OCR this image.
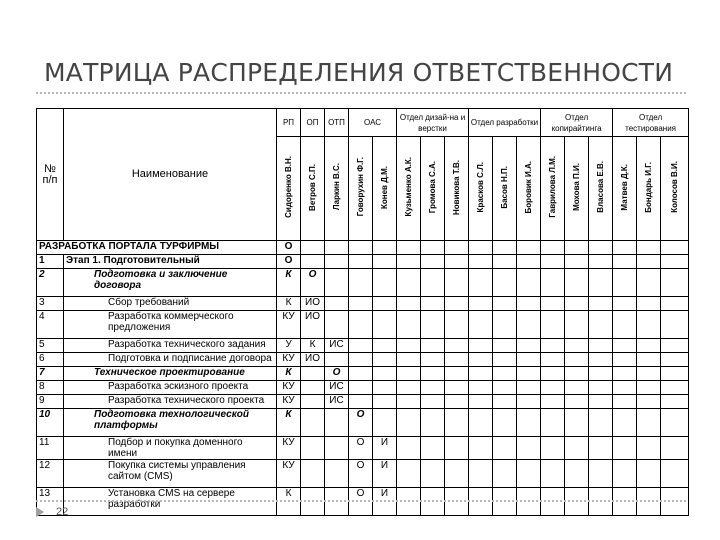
МАТРИЦА РАСПРЕДЕЛЕНИЯ ОТВЕТСТВЕННОСТИ
№ п/п	Наименование	РП	ОП	ОТП	ОАС		Отдел дизай-на и верстки			Отдел разработки			Отдел копирайтинга			Отдел тестирования		
		Сидоренко В.Н.	Ветров С.П.	Ларкин В.С.	Говорухин Ф.Г.	Конев Д.М.	Кузьменко А.К.	Громова С.А.	Новикова Т.В.	Красков С.Л.	Басов Н.П.	Боровик И.А.	Гаврилова Л.М.	Мохова П.И.	Власова Е.В.	Матвев Д.К.	Бондарь И.Г.	Колосов В.И.
РАЗРАБОТКА ПОРТАЛА ТУРФИРМЫ		О																
1	Этап 1. Подготовительный	О																
2	Подготовка и заключение договора	К	О															
3	Сбор требований	К	ИО															
4	Разработка коммерческого предложения	КУ	ИО															
5	Разработка технического задания	У	К	ИС														
6	Подготовка и подписание договора	КУ	ИО															
7	Техническое проектирование	К		О														
8	Разработка эскизного проекта	КУ		ИС														
9	Разработка технического проекта	КУ		ИС														
10	Подготовка технологической платформы	К			О													
11	Подбор и покупка доменного имени	КУ			О	И												
12	Покупка системы управления сайтом (CMS)	КУ			О	И												
13	Установка CMS на сервере разработки	К			О	И												
22
